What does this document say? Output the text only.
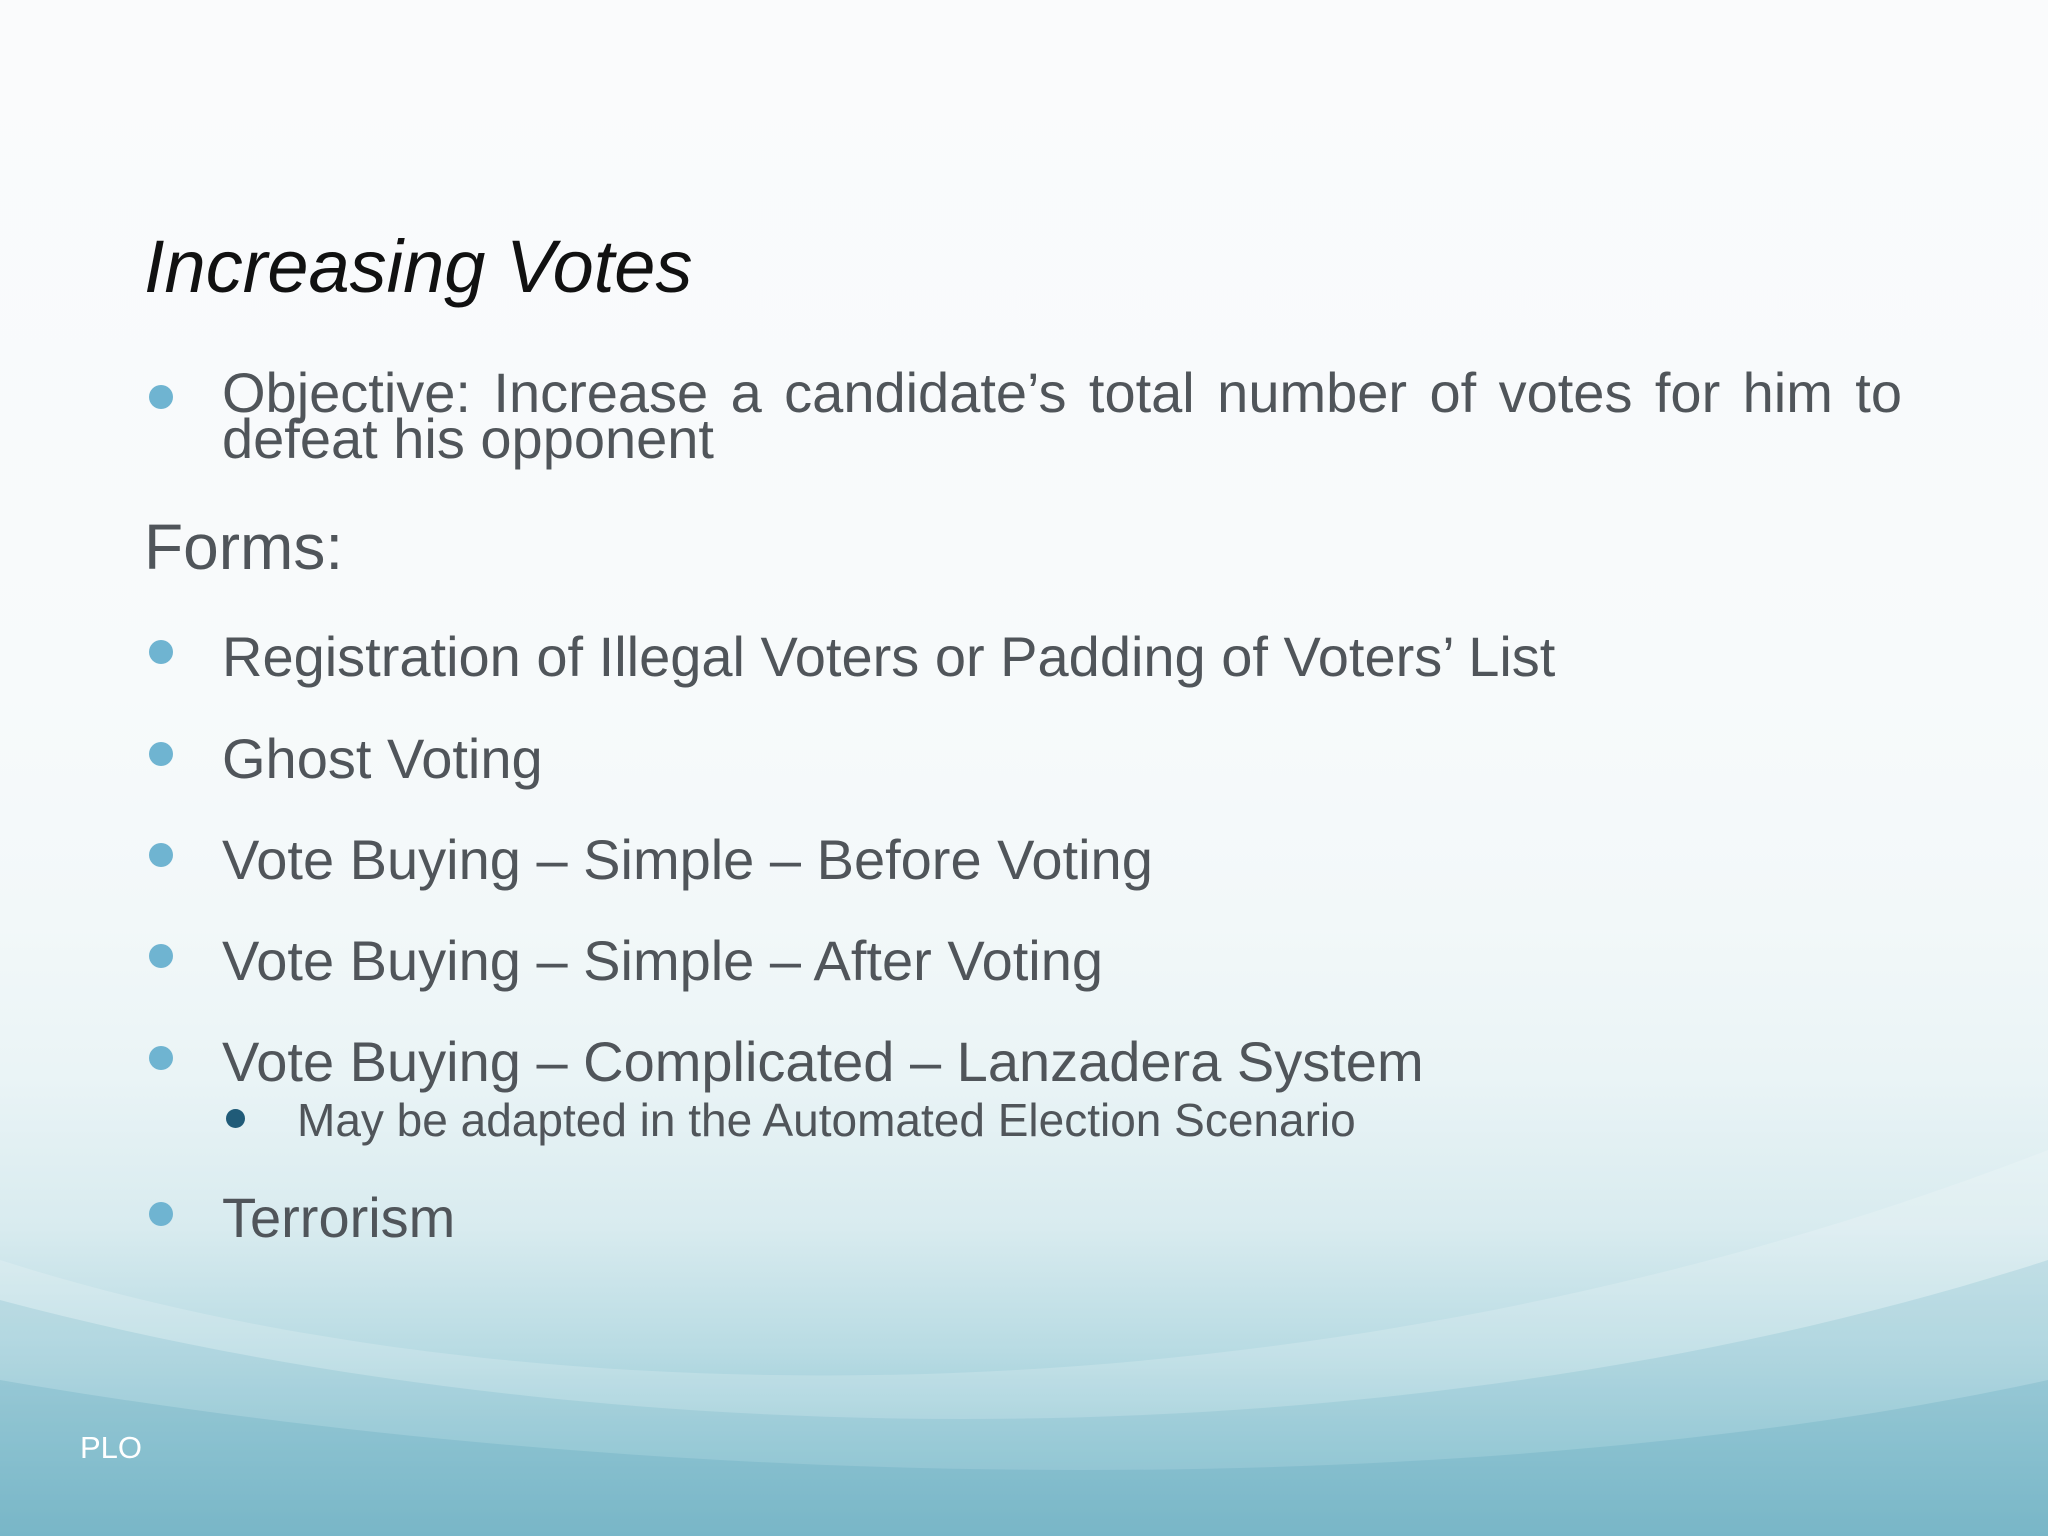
Increasing Votes
Objective: Increase a candidate’s total number of votes for him to defeat his opponent
Forms:
Registration of Illegal Voters or Padding of Voters’ List
Ghost Voting
Vote Buying – Simple – Before Voting
Vote Buying – Simple – After Voting
Vote Buying – Complicated – Lanzadera System
May be adapted in the Automated Election Scenario
Terrorism
PLO
